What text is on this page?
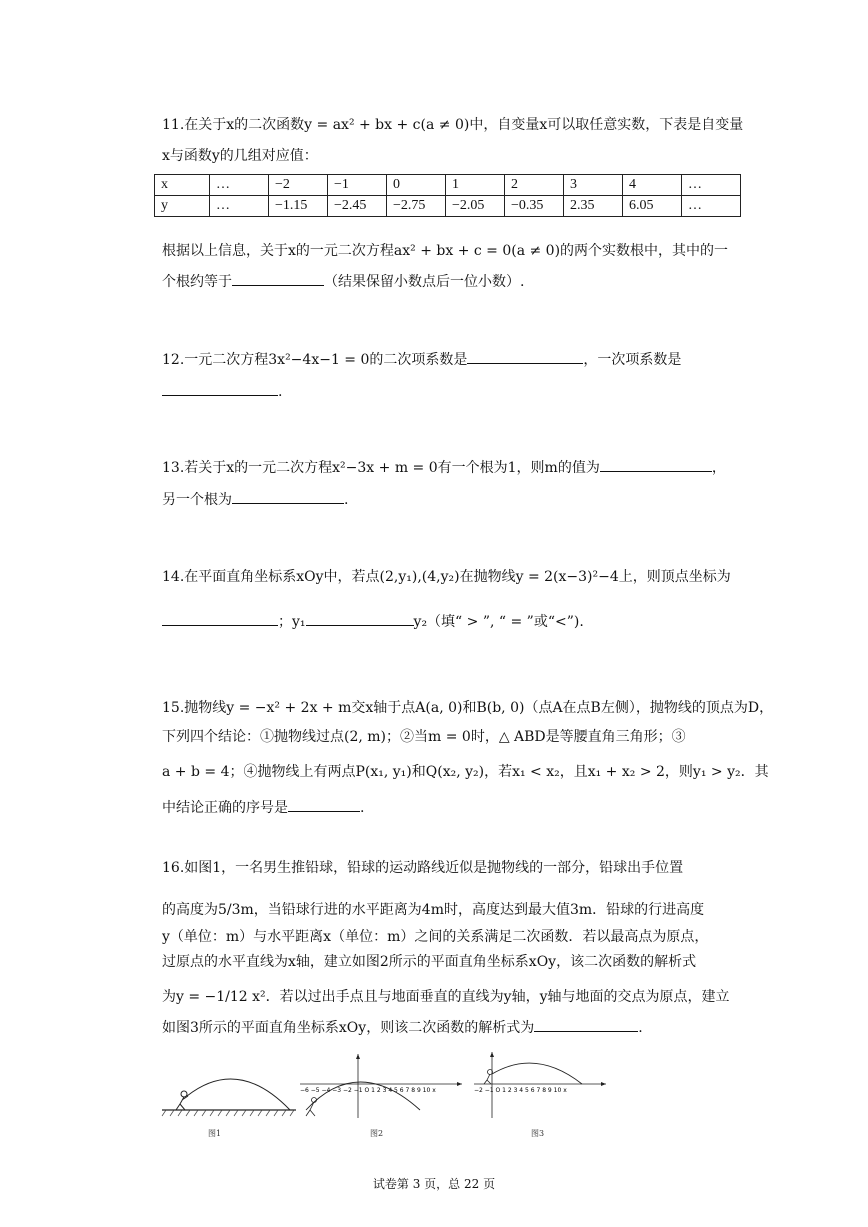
11.在关于x的二次函数y = ax² + bx + c(a ≠ 0)中，自变量x可以取任意实数，下表是自变量
x与函数y的几组对应值：
x	…	−2	−1	0	1	2	3	4	…
y	…	−1.15	−2.45	−2.75	−2.05	−0.35	2.35	6.05	…
根据以上信息，关于x的一元二次方程ax² + bx + c = 0(a ≠ 0)的两个实数根中，其中的一
个根约等于	（结果保留小数点后一位小数）.
12.一元二次方程3x²−4x−1 = 0的二次项系数是	，一次项系数是
.
13.若关于x的一元二次方程x²−3x + m = 0有一个根为1，则m的值为	，
另一个根为	.
14.在平面直角坐标系xOy中，若点(2,y₁),(4,y₂)在抛物线y = 2(x−3)²−4上，则顶点坐标为
；y₁	y₂（填“ > ”, “ = ”或“<”).
15.抛物线y = −x² + 2x + m交x轴于点A(a, 0)和B(b, 0)（点A在点B左侧），抛物线的顶点为D，
下列四个结论：①抛物线过点(2, m)；②当m = 0时，△ ABD是等腰直角三角形；③
a + b = 4；④抛物线上有两点P(x₁, y₁)和Q(x₂, y₂)，若x₁ < x₂，且x₁ + x₂ > 2，则y₁ > y₂．其
中结论正确的序号是	.
16.如图1，一名男生推铅球，铅球的运动路线近似是抛物线的一部分，铅球出手位置
的高度为5/3m，当铅球行进的水平距离为4m时，高度达到最大值3m．铅球的行进高度
y（单位：m）与水平距离x（单位：m）之间的关系满足二次函数．若以最高点为原点，
过原点的水平直线为x轴，建立如图2所示的平面直角坐标系xOy，该二次函数的解析式
为y = −1/12 x²．若以过出手点且与地面垂直的直线为y轴，y轴与地面的交点为原点，建立
如图3所示的平面直角坐标系xOy，则该二次函数的解析式为	.
图1
−6 −5 −4 −3 −2 −1 O 1 2 3 4 5 6 7 8 9 10 x
图2
−2 −1 O 1 2 3 4 5 6 7 8 9 10 x
图3
试卷第 3 页，总 22 页
